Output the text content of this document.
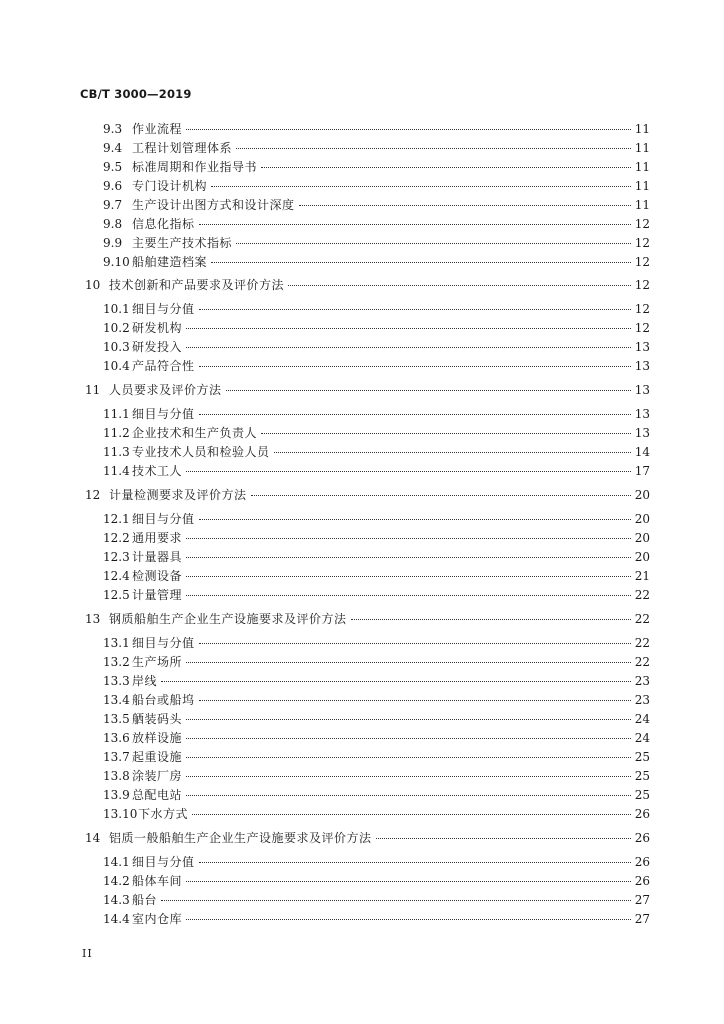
CB/T 3000—2019
9.3 作业流程	11
9.4 工程计划管理体系	11
9.5 标准周期和作业指导书	11
9.6 专门设计机构	11
9.7 生产设计出图方式和设计深度	11
9.8 信息化指标	12
9.9 主要生产技术指标	12
9.10 船舶建造档案	12
10 技术创新和产品要求及评价方法	12
10.1 细目与分值	12
10.2 研发机构	12
10.3 研发投入	13
10.4 产品符合性	13
11 人员要求及评价方法	13
11.1 细目与分值	13
11.2 企业技术和生产负责人	13
11.3 专业技术人员和检验人员	14
11.4 技术工人	17
12 计量检测要求及评价方法	20
12.1 细目与分值	20
12.2 通用要求	20
12.3 计量器具	20
12.4 检测设备	21
12.5 计量管理	22
13 钢质船舶生产企业生产设施要求及评价方法	22
13.1 细目与分值	22
13.2 生产场所	22
13.3 岸线	23
13.4 船台或船坞	23
13.5 舾装码头	24
13.6 放样设施	24
13.7 起重设施	25
13.8 涂装厂房	25
13.9 总配电站	25
13.10 下水方式	26
14 铝质一般船舶生产企业生产设施要求及评价方法	26
14.1 细目与分值	26
14.2 船体车间	26
14.3 船台	27
14.4 室内仓库	27
II
